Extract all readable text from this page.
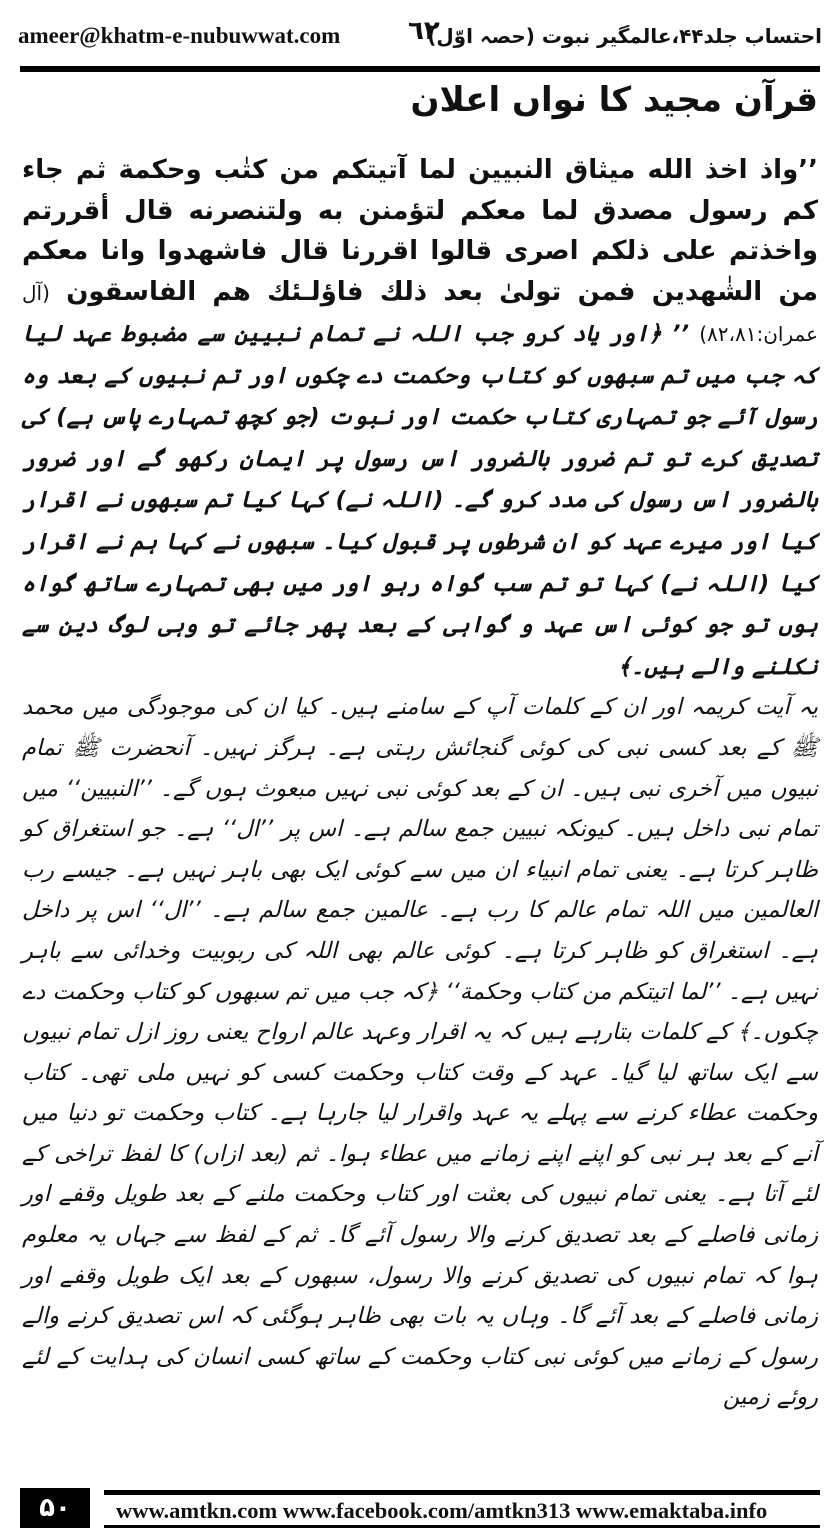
ameer@khatm-e-nubuwwat.com	٦٢
احتساب جلد۴۴،عالمگیر نبوت (حصہ اوّل)
قرآن مجید کا نواں اعلان

’’واذ اخذ الله میثاق النبیین لما آتیتکم من کتٰب وحکمة ثم جاء کم رسول مصدق لما معکم لتؤمنن به ولتنصرنه قال أقررتم واخذتم علی ذلکم اصری قالوا اقررنا قال فاشهدوا وانا معکم من الشٰهدین فمن تولیٰ بعد ذلك فاؤلـئك هم الفاسقون (آل عمران:۸۲،۸۱) ’’ ﴿اور یاد کرو جب اللہ نے تمام نبیین سے مضبوط عہد لیا کہ جب میں تم سبھوں کو کتاب وحکمت دے چکوں اور تم نبیوں کے بعد وہ رسول آئے جو تمہاری کتاب حکمت اور نبوت (جو کچھ تمہارے پاس ہے) کی تصدیق کرے تو تم ضرور بالضرور اس رسول پر ایمان رکھو گے اور ضرور بالضرور اس رسول کی مدد کرو گے۔ (اللہ نے) کہا کیا تم سبھوں نے اقرار کیا اور میرے عہد کو ان شرطوں پر قبول کیا۔ سبھوں نے کہا ہم نے اقرار کیا (اللہ نے) کہا تو تم سب گواہ رہو اور میں بھی تمہارے ساتھ گواہ ہوں تو جو کوئی اس عہد و گواہی کے بعد پھر جائے تو وہی لوگ دین سے نکلنے والے ہیں۔﴾

یہ آیت کریمہ اور ان کے کلمات آپ کے سامنے ہیں۔ کیا ان کی موجودگی میں محمد ﷺ کے بعد کسی نبی کی کوئی گنجائش رہتی ہے۔ ہرگز نہیں۔ آنحضرت ﷺ تمام نبیوں میں آخری نبی ہیں۔ ان کے بعد کوئی نبی نہیں مبعوث ہوں گے۔ ’’النبیین‘‘ میں تمام نبی داخل ہیں۔ کیونکہ نبیین جمع سالم ہے۔ اس پر ’’ال‘‘ ہے۔ جو استغراق کو ظاہر کرتا ہے۔ یعنی تمام انبیاء ان میں سے کوئی ایک بھی باہر نہیں ہے۔ جیسے رب العالمین میں اللہ تمام عالم کا رب ہے۔ عالمین جمع سالم ہے۔ ’’ال‘‘ اس پر داخل ہے۔ استغراق کو ظاہر کرتا ہے۔ کوئی عالم بھی اللہ کی ربوبیت وخدائی سے باہر نہیں ہے۔ ’’لما اتیتکم من کتاب وحکمة‘‘ ﴿کہ جب میں تم سبھوں کو کتاب وحکمت دے چکوں۔﴾ کے کلمات بتارہے ہیں کہ یہ اقرار وعہد عالم ارواح یعنی روز ازل تمام نبیوں سے ایک ساتھ لیا گیا۔ عہد کے وقت کتاب وحکمت کسی کو نہیں ملی تھی۔ کتاب وحکمت عطاء کرنے سے پہلے یہ عہد واقرار لیا جارہا ہے۔ کتاب وحکمت تو دنیا میں آنے کے بعد ہر نبی کو اپنے اپنے زمانے میں عطاء ہوا۔ ثم (بعد ازاں) کا لفظ تراخی کے لئے آتا ہے۔ یعنی تمام نبیوں کی بعثت اور کتاب وحکمت ملنے کے بعد طویل وقفے اور زمانی فاصلے کے بعد تصدیق کرنے والا رسول آئے گا۔ ثم کے لفظ سے جہاں یہ معلوم ہوا کہ تمام نبیوں کی تصدیق کرنے والا رسول، سبھوں کے بعد ایک طویل وقفے اور زمانی فاصلے کے بعد آئے گا۔ وہاں یہ بات بھی ظاہر ہوگئی کہ اس تصدیق کرنے والے رسول کے زمانے میں کوئی نبی کتاب وحکمت کے ساتھ کسی انسان کی ہدایت کے لئے روئے زمین

۵۰	www.amtkn.com www.facebook.com/amtkn313 www.emaktaba.info
